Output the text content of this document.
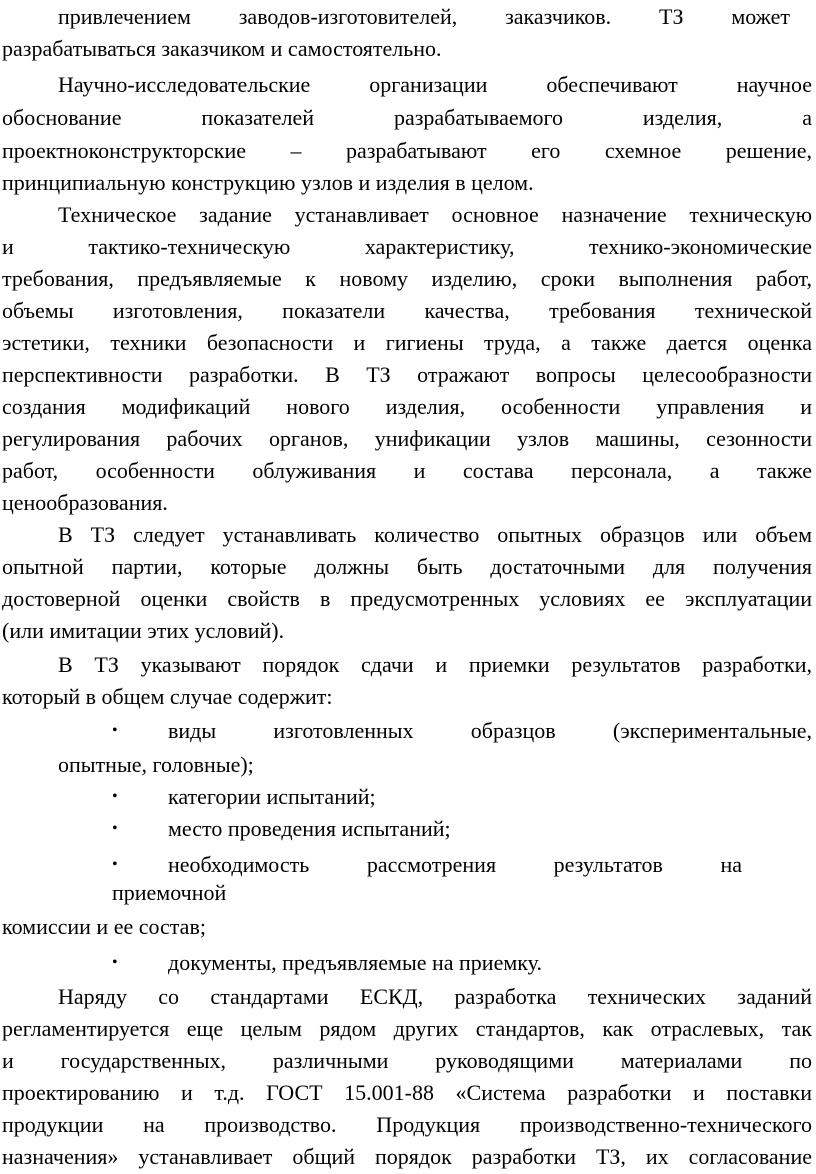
привлечением заводов-изготовителей, заказчиков. ТЗ может
разрабатываться заказчиком и самостоятельно.
Научно-исследовательские организации обеспечивают научное
обоснование показателей разрабатываемого изделия, а
проектноконструкторские – разрабатывают его схемное решение,
принципиальную конструкцию узлов и изделия в целом.
Техническое задание устанавливает основное назначение техническую
и тактико-техническую характеристику, технико-экономические
требования, предъявляемые к новому изделию, сроки выполнения работ,
объемы изготовления, показатели качества, требования технической
эстетики, техники безопасности и гигиены труда, а также дается оценка
перспективности разработки. В ТЗ отражают вопросы целесообразности
создания модификаций нового изделия, особенности управления и
регулирования рабочих органов, унификации узлов машины, сезонности
работ, особенности облуживания и состава персонала, а также
ценообразования.
В ТЗ следует устанавливать количество опытных образцов или объем
опытной партии, которые должны быть достаточными для получения
достоверной оценки свойств в предусмотренных условиях ее эксплуатации
(или имитации этих условий).
В ТЗ указывают порядок сдачи и приемки результатов разработки,
который в общем случае содержит:
• виды изготовленных образцов (экспериментальные,
опытные, головные);
• категории испытаний;
• место проведения испытаний;
• необходимость рассмотрения результатов на
приемочной
комиссии и ее состав;
• документы, предъявляемые на приемку.
Наряду со стандартами ЕСКД, разработка технических заданий
регламентируется еще целым рядом других стандартов, как отраслевых, так
и государственных, различными руководящими материалами по
проектированию и т.д. ГОСТ 15.001-88 «Система разработки и поставки
продукции на производство. Продукция производственно-технического
назначения» устанавливает общий порядок разработки ТЗ, их согласование
